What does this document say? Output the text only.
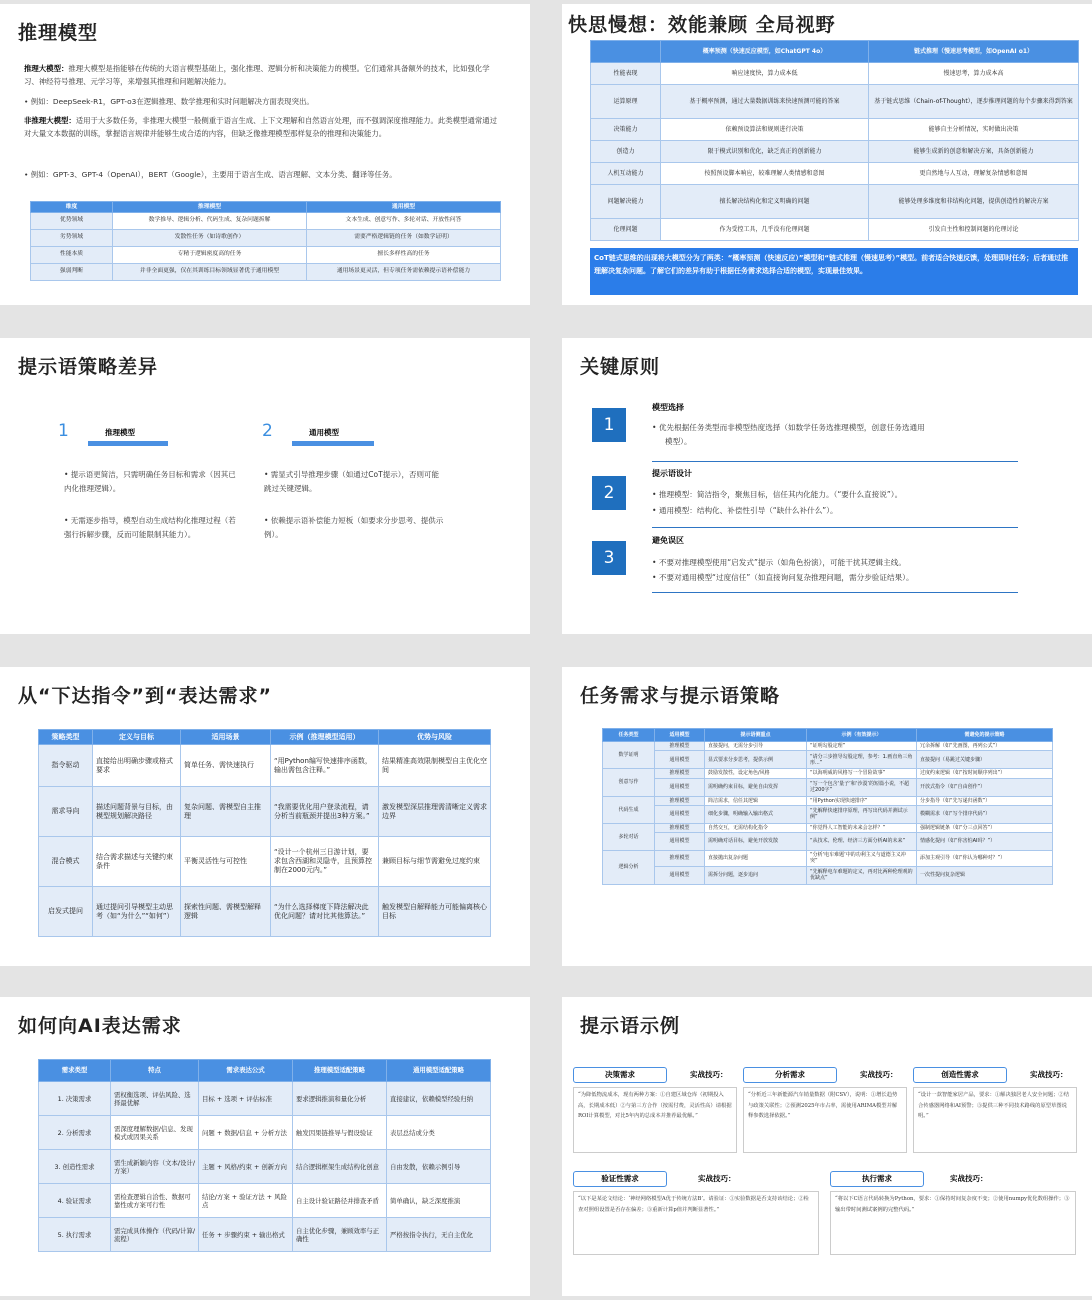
推理模型
推理大模型：推理大模型是指能够在传统的大语言模型基础上，强化推理、逻辑分析和决策能力的模型。它们通常具备额外的技术，比如强化学习、神经符号推理、元学习等，来增强其推理和问题解决能力。
• 例如：DeepSeek-R1，GPT-o3在逻辑推理、数学推理和实时问题解决方面表现突出。
非推理大模型：适用于大多数任务，非推理大模型一般侧重于语言生成、上下文理解和自然语言处理，而不强调深度推理能力。此类模型通常通过对大量文本数据的训练，掌握语言规律并能够生成合适的内容，但缺乏像推理模型那样复杂的推理和决策能力。
• 例如：GPT-3、GPT-4（OpenAI），BERT（Google），主要用于语言生成、语言理解、文本分类、翻译等任务。
维度	推理模型	通用模型
优势领域	数学推导、逻辑分析、代码生成、复杂问题拆解	文本生成、创意写作、多轮对话、开放性问答
劣势领域	发散性任务（如诗歌创作）	需要严格逻辑链的任务（如数学证明）
性能本质	专精于逻辑密度高的任务	擅长多样性高的任务
强弱判断	并非全面更强，仅在其训练目标领域显著优于通用模型	通用场景更灵活，但专项任务需依赖提示语补偿能力
快思慢想：效能兼顾 全局视野
	概率预测（快速反应模型，如ChatGPT 4o）	链式推理（慢速思考模型，如OpenAI o1）
性能表现	响应速度快，算力成本低	慢速思考，算力成本高
运算原理	基于概率预测，通过大量数据训练来快速预测可能的答案	基于链式思维（Chain-of-Thought），逐步推理问题的每个步骤来得到答案
决策能力	依赖预设算法和规则进行决策	能够自主分析情况，实时做出决策
创造力	限于模式识别和优化，缺乏真正的创新能力	能够生成新的创意和解决方案，具备创新能力
人机互动能力	按照预设脚本响应，较难理解人类情感和意图	更自然地与人互动，理解复杂情感和意图
问题解决能力	擅长解决结构化和定义明确的问题	能够处理多维度和非结构化问题，提供创造性的解决方案
伦理问题	作为受控工具，几乎没有伦理问题	引发自主性和控制问题的伦理讨论
CoT链式思维的出现将大模型分为了两类：“概率预测（快速反应）”模型和“链式推理（慢速思考）”模型。前者适合快速反馈，处理即时任务；后者通过推理解决复杂问题。了解它们的差异有助于根据任务需求选择合适的模型，实现最佳效果。
提示语策略差异
1	推理模型
• 提示语更简洁，只需明确任务目标和需求（因其已内化推理逻辑）。
• 无需逐步指导，模型自动生成结构化推理过程（若强行拆解步骤，反而可能限制其能力）。
2	通用模型
• 需显式引导推理步骤（如通过CoT提示），否则可能跳过关键逻辑。
• 依赖提示语补偿能力短板（如要求分步思考、提供示例）。
关键原则
1
模型选择
• 优先根据任务类型而非模型热度选择（如数学任务选推理模型，创意任务选通用
模型）。
2
提示语设计
• 推理模型：简洁指令，聚焦目标，信任其内化能力。（“要什么直接说”）。
• 通用模型：结构化、补偿性引导（“缺什么补什么”）。
3
避免误区
• 不要对推理模型使用“启发式”提示（如角色扮演），可能干扰其逻辑主线。
• 不要对通用模型“过度信任”（如直接询问复杂推理问题，需分步验证结果）。
从“下达指令”到“表达需求”
策略类型	定义与目标	适用场景	示例（推理模型适用）	优势与风险
指令驱动	直接给出明确步骤或格式要求	简单任务、需快速执行	“用Python编写快速排序函数，输出需包含注释。”	结果精准高效限制模型自主优化空间
需求导向	描述问题背景与目标，由模型规划解决路径	复杂问题、需模型自主推理	“我需要优化用户登录流程，请分析当前瓶颈并提出3种方案。”	激发模型深层推理需清晰定义需求边界
混合模式	结合需求描述与关键约束条件	平衡灵活性与可控性	“设计一个杭州三日游计划，要求包含西湖和灵隐寺，且预算控制在2000元内。”	兼顾目标与细节需避免过度约束
启发式提问	通过提问引导模型主动思考（如“为什么”“如何”）	探索性问题、需模型解释逻辑	“为什么选择梯度下降法解决此优化问题？请对比其他算法。”	触发模型自解释能力可能偏离核心目标
任务需求与提示语策略
任务类型	适用模型	提示语侧重点	示例（有效提示）	需避免的提示策略
数学证明	推理模型	直接提问，无需分步引导	“证明勾股定理”	冗余拆解（如“先画图，再列公式”）
	通用模型	显式要求分步思考，提供示例	“请分三步推导勾股定理，参考：1.画直角三角形...”	直接提问（易跳过关键步骤）
创意写作	推理模型	鼓励发散性，设定角色/风格	“以海明威的风格写一个冒险故事”	过度约束逻辑（如“按时间顺序列出”）
	通用模型	需明确约束目标，避免自由发挥	“写一个包含‘量子’和‘沙漠’的短篇小说，不超过200字”	开放式指令（如“自由创作”）
代码生成	推理模型	简洁需求，信任其逻辑	“用Python实现快速排序”	分步指导（如“先写递归函数”）
	通用模型	细化步骤，明确输入输出格式	“先解释快速排序原理，再写出代码并测试示例”	模糊需求（如“写个排序代码”）
多轮对话	推理模型	自然交互，无需结构化指令	“你觉得人工智能的未来会怎样？”	强制逻辑链条（如“分三点回答”）
	通用模型	需明确对话目标，避免开放发散	“从技术、伦理、经济三方面分析AI的未来”	情感化提问（如“你害怕AI吗？”）
逻辑分析	推理模型	直接抛出复杂问题	“分析‘电车难题’中的功利主义与道德主义冲突”	添加主观引导（如“你认为哪种对？”）
	通用模型	需拆分问题，逐步追问	“先解释电车难题的定义，再对比两种伦理观的优缺点”	一次性提问复杂逻辑
如何向AI表达需求
需求类型	特点	需求表达公式	推理模型适配策略	通用模型适配策略
1. 决策需求	需权衡选项、评估风险、选择最优解	目标 + 选项 + 评估标准	要求逻辑推演和量化分析	直接建议，依赖模型经验归纳
2. 分析需求	需深度理解数据/信息、发现模式或因果关系	问题 + 数据/信息 + 分析方法	触发因果链推导与假设验证	表层总结或分类
3. 创造性需求	需生成新颖内容（文本/设计/方案）	主题 + 风格/约束 + 创新方向	结合逻辑框架生成结构化创意	自由发散，依赖示例引导
4. 验证需求	需检查逻辑自洽性、数据可靠性或方案可行性	结论/方案 + 验证方法 + 风险点	自主设计验证路径并排查矛盾	简单确认，缺乏深度推演
5. 执行需求	需完成具体操作（代码/计算/流程）	任务 + 步骤约束 + 输出格式	自主优化步骤，兼顾效率与正确性	严格按指令执行，无自主优化
提示语示例
决策需求	实战技巧：
“为降低物流成本，现有两种方案：①自建区域仓库（初期投入高，长期成本低）②与第三方合作（按需付费，灵活性高）请根据ROI计算模型，对比5年内的总成本并推荐最优解。”
分析需求	实战技巧：
“分析近三年新能源汽车销量数据（附CSV），说明：①增长趋势与政策关联性；②预测2025年市占率，需使用ARIMA模型并解释参数选择依据。”
创造性需求	实战技巧：
“设计一款智能家居产品，要求：①解决独居老人安全问题；②结合传感器网络和AI预警；③提供三种不同技术路线的原型草图说明。”
验证性需求	实战技巧：
“以下是某论文结论：‘神经网络模型A优于传统方法B’。请验证：①实验数据是否支持该结论；②检查对照组设置是否存在偏差；③重新计算p值并判断显著性。”
执行需求	实战技巧：
“将以下C语言代码转换为Python，要求：①保持时间复杂度不变；②使用numpy优化数组操作；③输出带时间测试案例的完整代码。”
